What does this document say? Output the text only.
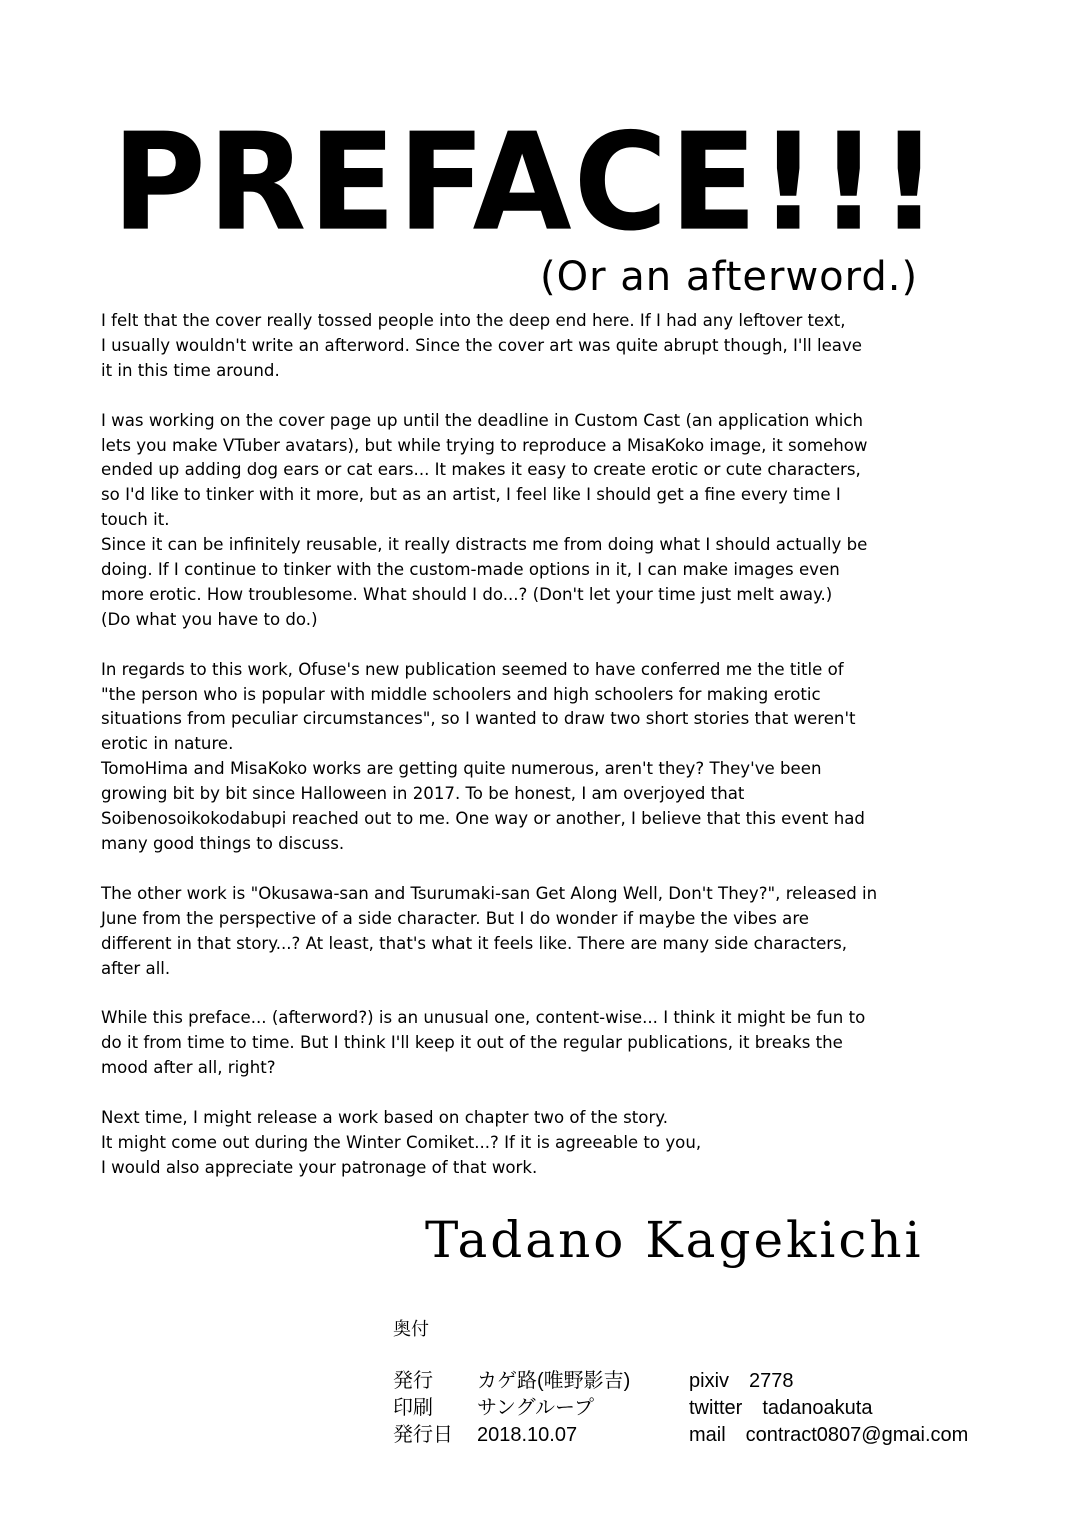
PREFACE!!!
(Or an afterword.)

I felt that the cover really tossed people into the deep end here. If I had any leftover text,
I usually wouldn't write an afterword. Since the cover art was quite abrupt though, I'll leave
it in this time around.

I was working on the cover page up until the deadline in Custom Cast (an application which
lets you make VTuber avatars), but while trying to reproduce a MisaKoko image, it somehow
ended up adding dog ears or cat ears... It makes it easy to create erotic or cute characters,
so I'd like to tinker with it more, but as an artist, I feel like I should get a fine every time I
touch it.

Since it can be infinitely reusable, it really distracts me from doing what I should actually be
doing. If I continue to tinker with the custom-made options in it, I can make images even
more erotic. How troublesome. What should I do...? (Don't let your time just melt away.)
(Do what you have to do.)

In regards to this work, Ofuse's new publication seemed to have conferred me the title of
"the person who is popular with middle schoolers and high schoolers for making erotic
situations from peculiar circumstances", so I wanted to draw two short stories that weren't
erotic in nature.

TomoHima and MisaKoko works are getting quite numerous, aren't they? They've been
growing bit by bit since Halloween in 2017. To be honest, I am overjoyed that
Soibenosoikokodabupi reached out to me. One way or another, I believe that this event had
many good things to discuss.

The other work is "Okusawa-san and Tsurumaki-san Get Along Well, Don't They?", released in
June from the perspective of a side character. But I do wonder if maybe the vibes are
different in that story...? At least, that's what it feels like. There are many side characters,
after all.

While this preface... (afterword?) is an unusual one, content-wise... I think it might be fun to
do it from time to time. But I think I'll keep it out of the regular publications, it breaks the
mood after all, right?

Next time, I might release a work based on chapter two of the story.
It might come out during the Winter Comiket...? If it is agreeable to you,
I would also appreciate your patronage of that work.

Tadano Kagekichi
奥付
発行	カゲ路(唯野影吉)	pixiv　2778
印刷	サングループ	twitter　tadanoakuta
発行日	2018.10.07	mail　contract0807@gmai.com
